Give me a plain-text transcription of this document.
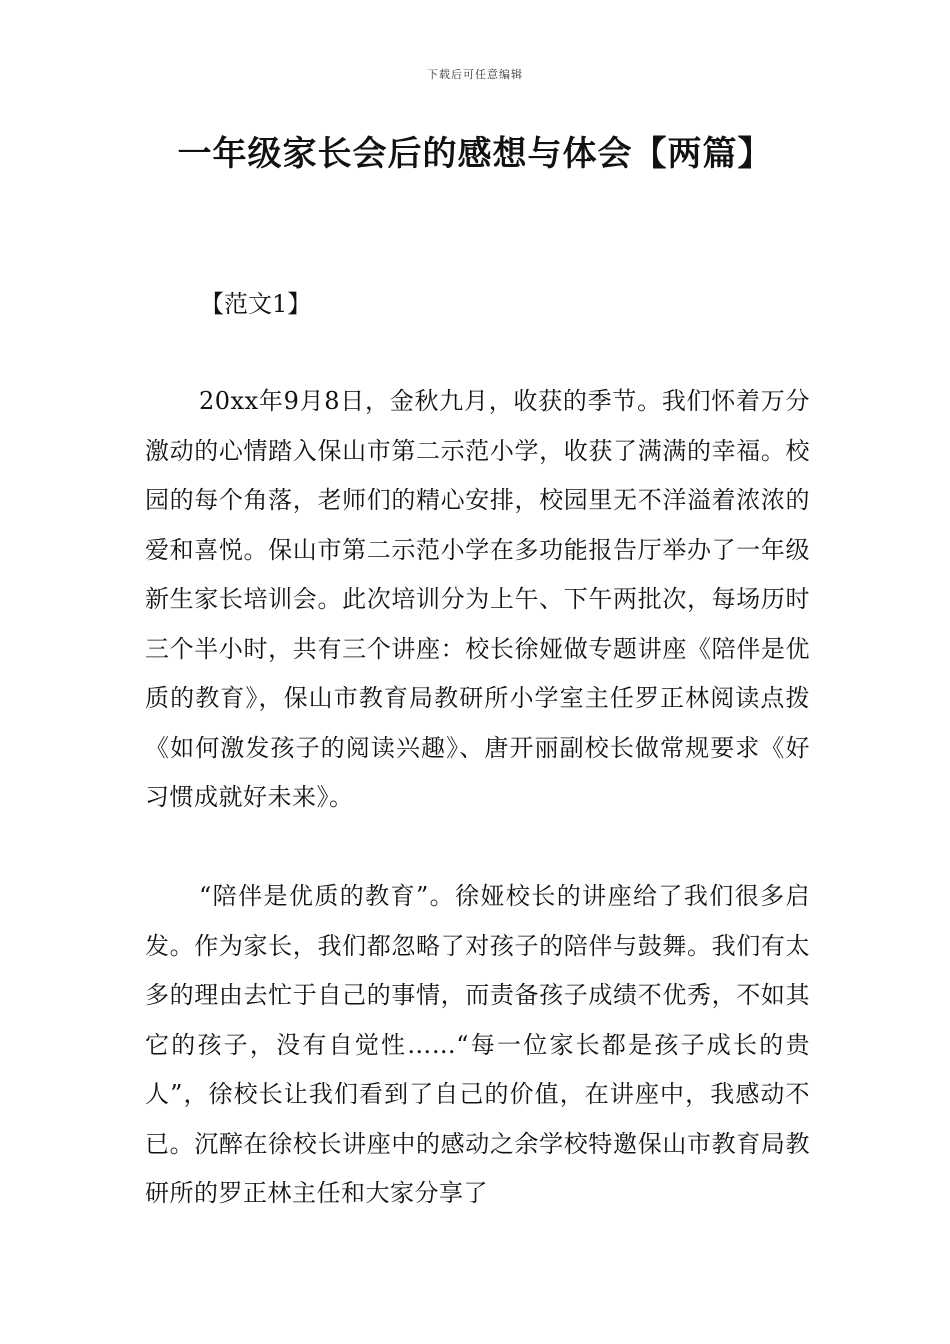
下载后可任意编辑
一年级家长会后的感想与体会【两篇】

【范文1】

20xx年9月8日，金秋九月，收获的季节。我们怀着万分激动的心情踏入保山市第二示范小学，收获了满满的幸福。校园的每个角落，老师们的精心安排，校园里无不洋溢着浓浓的爱和喜悦。保山市第二示范小学在多功能报告厅举办了一年级新生家长培训会。此次培训分为上午、下午两批次，每场历时三个半小时，共有三个讲座：校长徐娅做专题讲座《陪伴是优质的教育》，保山市教育局教研所小学室主任罗正林阅读点拨《如何激发孩子的阅读兴趣》、唐开丽副校长做常规要求《好习惯成就好未来》。

“陪伴是优质的教育”。徐娅校长的讲座给了我们很多启发。作为家长，我们都忽略了对孩子的陪伴与鼓舞。我们有太多的理由去忙于自己的事情，而责备孩子成绩不优秀，不如其它的孩子，没有自觉性……“每一位家长都是孩子成长的贵人”，徐校长让我们看到了自己的价值，在讲座中，我感动不已。沉醉在徐校长讲座中的感动之余学校特邀保山市教育局教研所的罗正林主任和大家分享了
